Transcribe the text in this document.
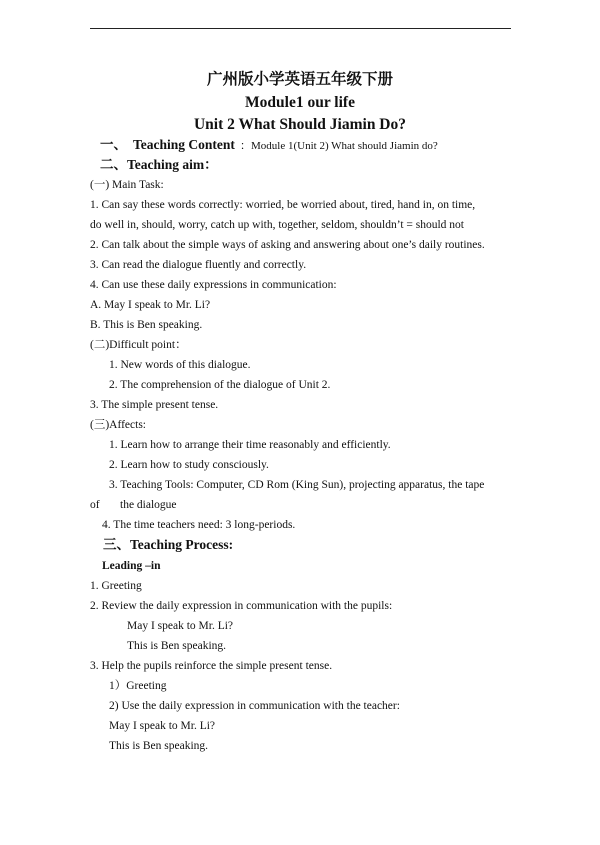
广州版小学英语五年级下册
Module1 our life
Unit 2 What Should Jiamin Do?
一、 Teaching Content ：Module 1(Unit 2) What should Jiamin do?
二、Teaching aim：
(一) Main Task:
1. Can say these words correctly: worried, be worried about, tired, hand in, on time,
do well in, should, worry, catch up with, together, seldom, shouldn’t = should not
2. Can talk about the simple ways of asking and answering about one’s daily routines.
3. Can read the dialogue fluently and correctly.
4. Can use these daily expressions in communication:
A. May I speak to Mr. Li?
B. This is Ben speaking.
(二)Difficult point：
1. New words of this dialogue.
2. The comprehension of the dialogue of Unit 2.
3. The simple present tense.
(三)Affects:
1. Learn how to arrange their time reasonably and efficiently.
2. Learn how to study consciously.
3. Teaching Tools: Computer, CD Rom (King Sun), projecting apparatus, the tape
of the dialogue
4. The time teachers need: 3 long-periods.
三、Teaching Process:
Leading –in
1. Greeting
2. Review the daily expression in communication with the pupils:
May I speak to Mr. Li?
This is Ben speaking.
3. Help the pupils reinforce the simple present tense.
1）Greeting
2) Use the daily expression in communication with the teacher:
May I speak to Mr. Li?
This is Ben speaking.
